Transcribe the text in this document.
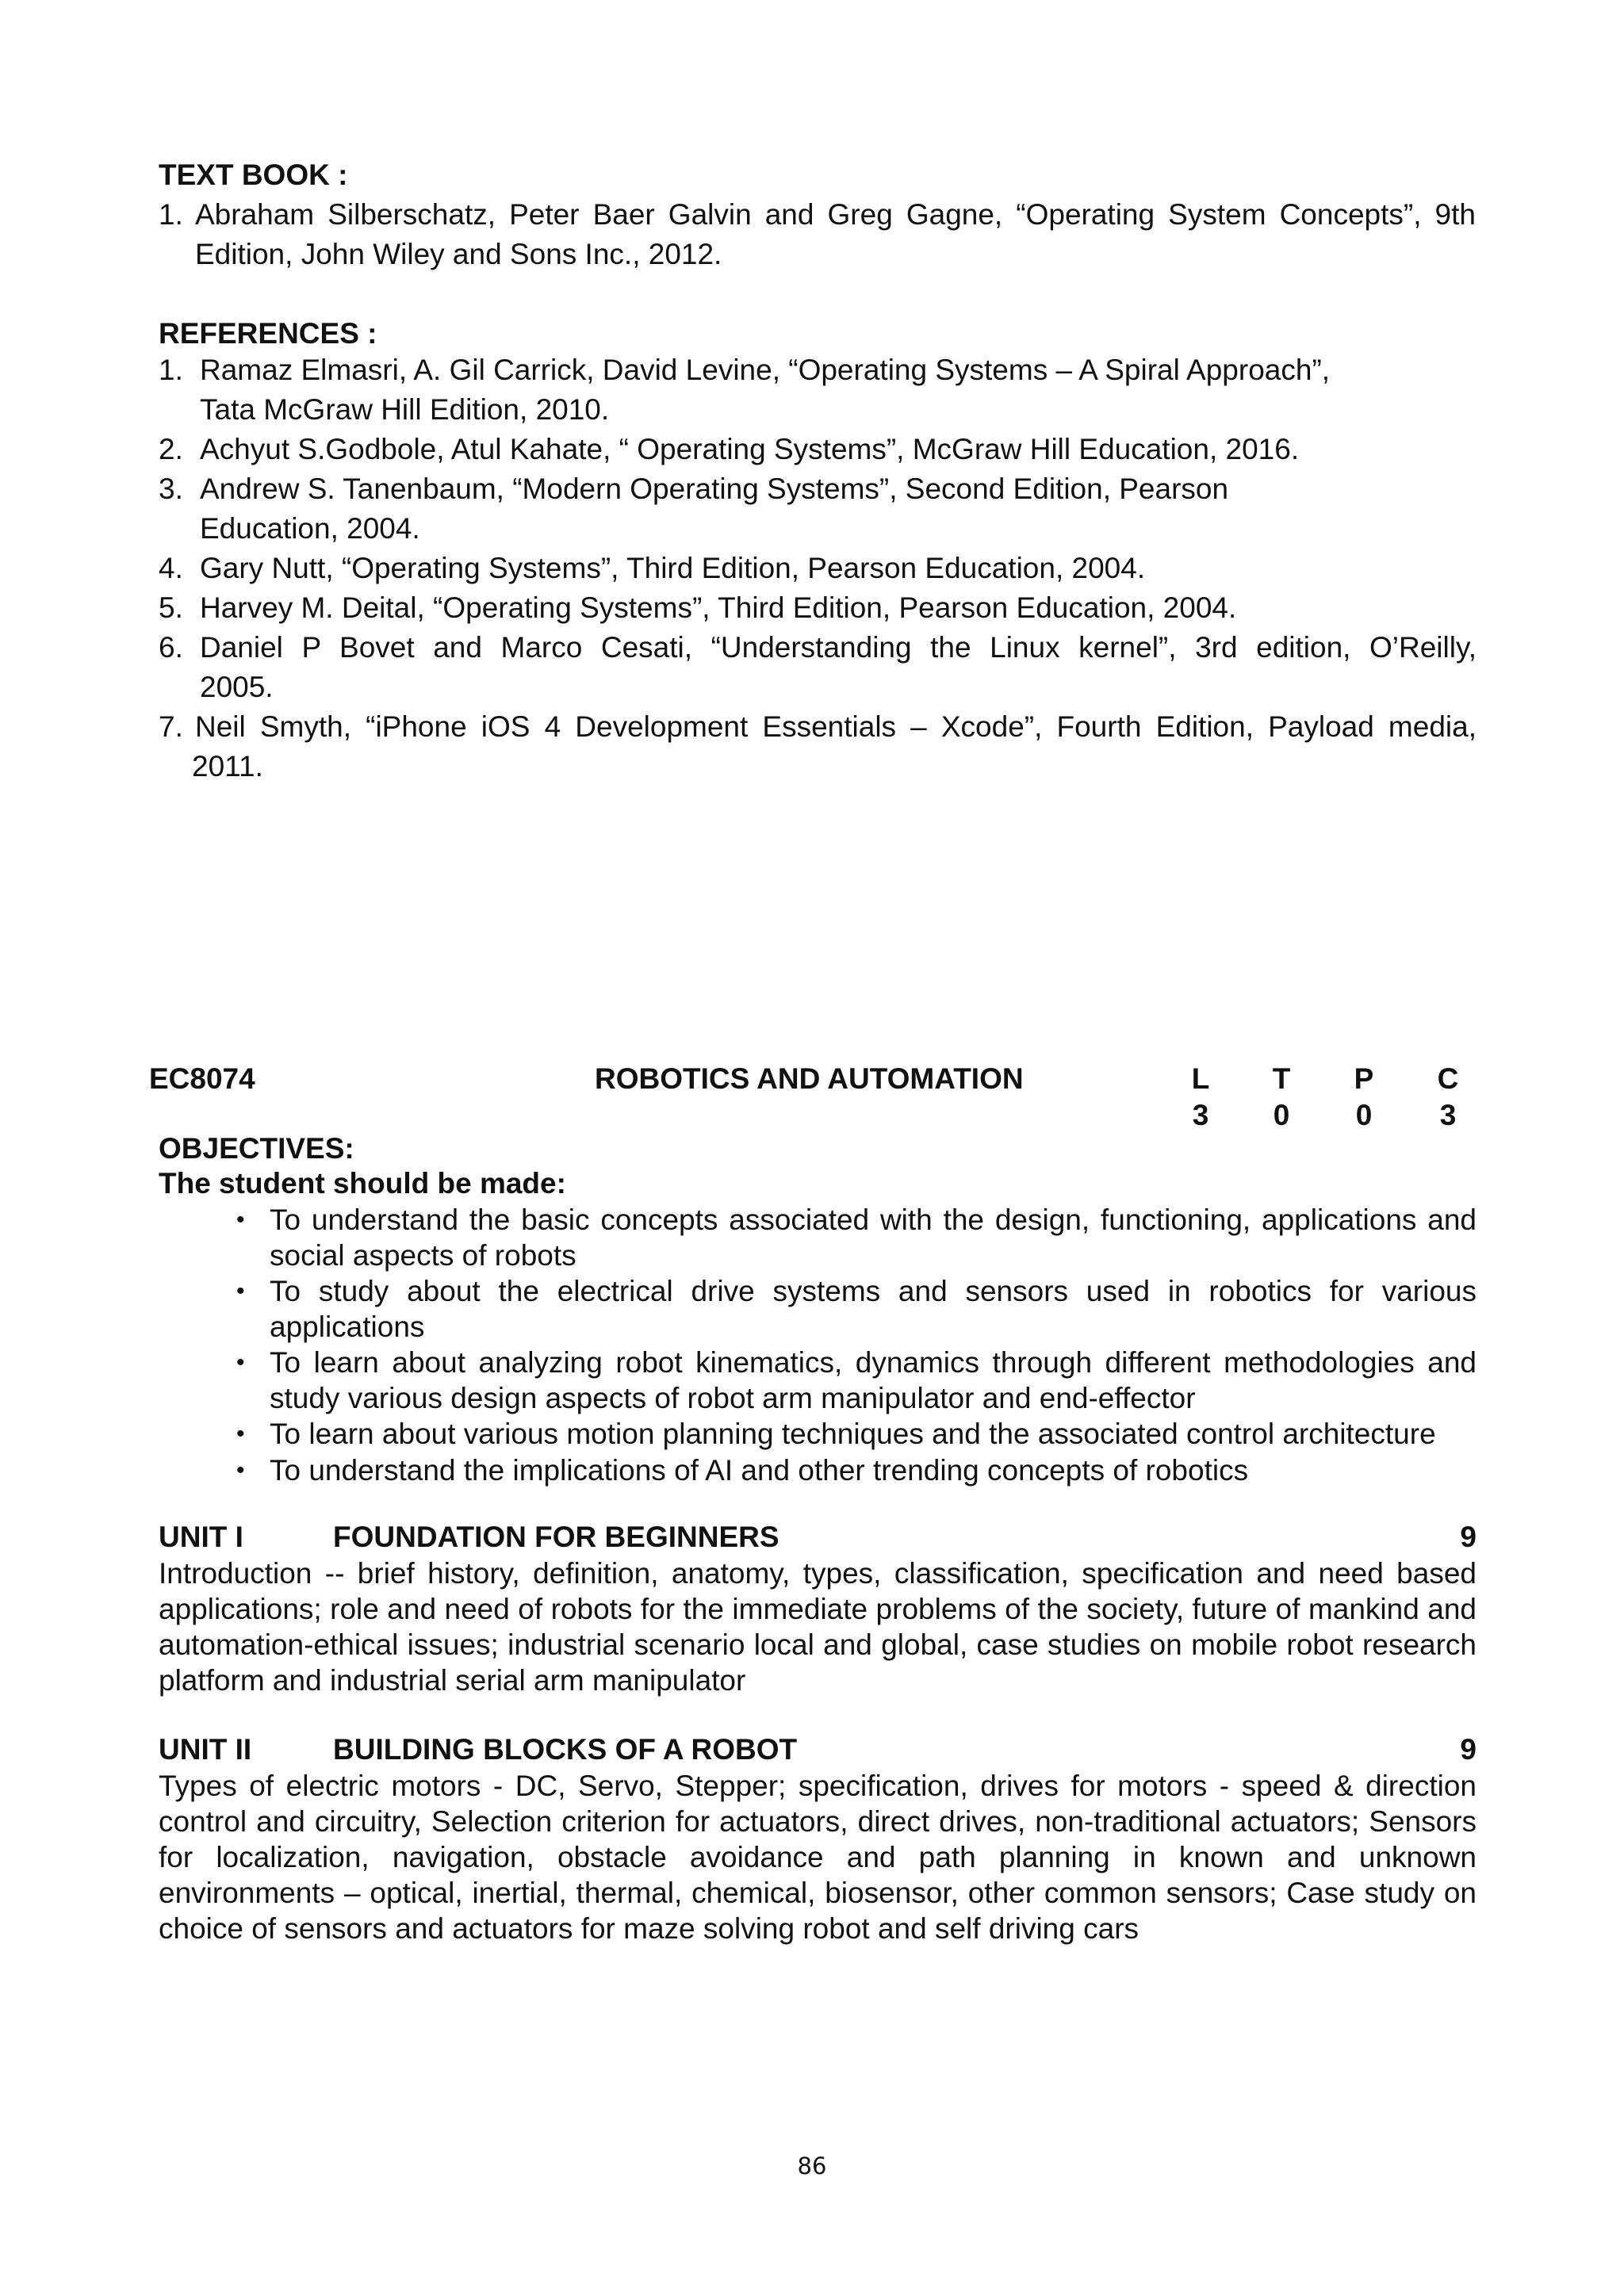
TEXT BOOK :
1. Abraham Silberschatz, Peter Baer Galvin and Greg Gagne, “Operating System Concepts”, 9th
Edition, John Wiley and Sons Inc., 2012.
REFERENCES :
1. Ramaz Elmasri, A. Gil Carrick, David Levine, “Operating Systems – A Spiral Approach”,
Tata McGraw Hill Edition, 2010.
2. Achyut S.Godbole, Atul Kahate, “ Operating Systems”, McGraw Hill Education, 2016.
3. Andrew S. Tanenbaum, “Modern Operating Systems”, Second Edition, Pearson
Education, 2004.
4. Gary Nutt, “Operating Systems”, Third Edition, Pearson Education, 2004.
5. Harvey M. Deital, “Operating Systems”, Third Edition, Pearson Education, 2004.
6. Daniel P Bovet and Marco Cesati, “Understanding the Linux kernel”, 3rd edition, O’Reilly,
2005.
7. Neil Smyth, “iPhone iOS 4 Development Essentials – Xcode”, Fourth Edition, Payload media,
2011.
EC8074	ROBOTICS AND AUTOMATION	L T P C
3 0 0 3
OBJECTIVES:
The student should be made:
• To understand the basic concepts associated with the design, functioning, applications and social aspects of robots
• To study about the electrical drive systems and sensors used in robotics for various applications
• To learn about analyzing robot kinematics, dynamics through different methodologies and study various design aspects of robot arm manipulator and end-effector
• To learn about various motion planning techniques and the associated control architecture
• To understand the implications of AI and other trending concepts of robotics
UNIT I	FOUNDATION FOR BEGINNERS	9
Introduction -- brief history, definition, anatomy, types, classification, specification and need based applications; role and need of robots for the immediate problems of the society, future of mankind and automation-ethical issues; industrial scenario local and global, case studies on mobile robot research platform and industrial serial arm manipulator
UNIT II	BUILDING BLOCKS OF A ROBOT	9
Types of electric motors - DC, Servo, Stepper; specification, drives for motors - speed & direction control and circuitry, Selection criterion for actuators, direct drives, non-traditional actuators; Sensors for localization, navigation, obstacle avoidance and path planning in known and unknown environments – optical, inertial, thermal, chemical, biosensor, other common sensors; Case study on choice of sensors and actuators for maze solving robot and self driving cars
86
